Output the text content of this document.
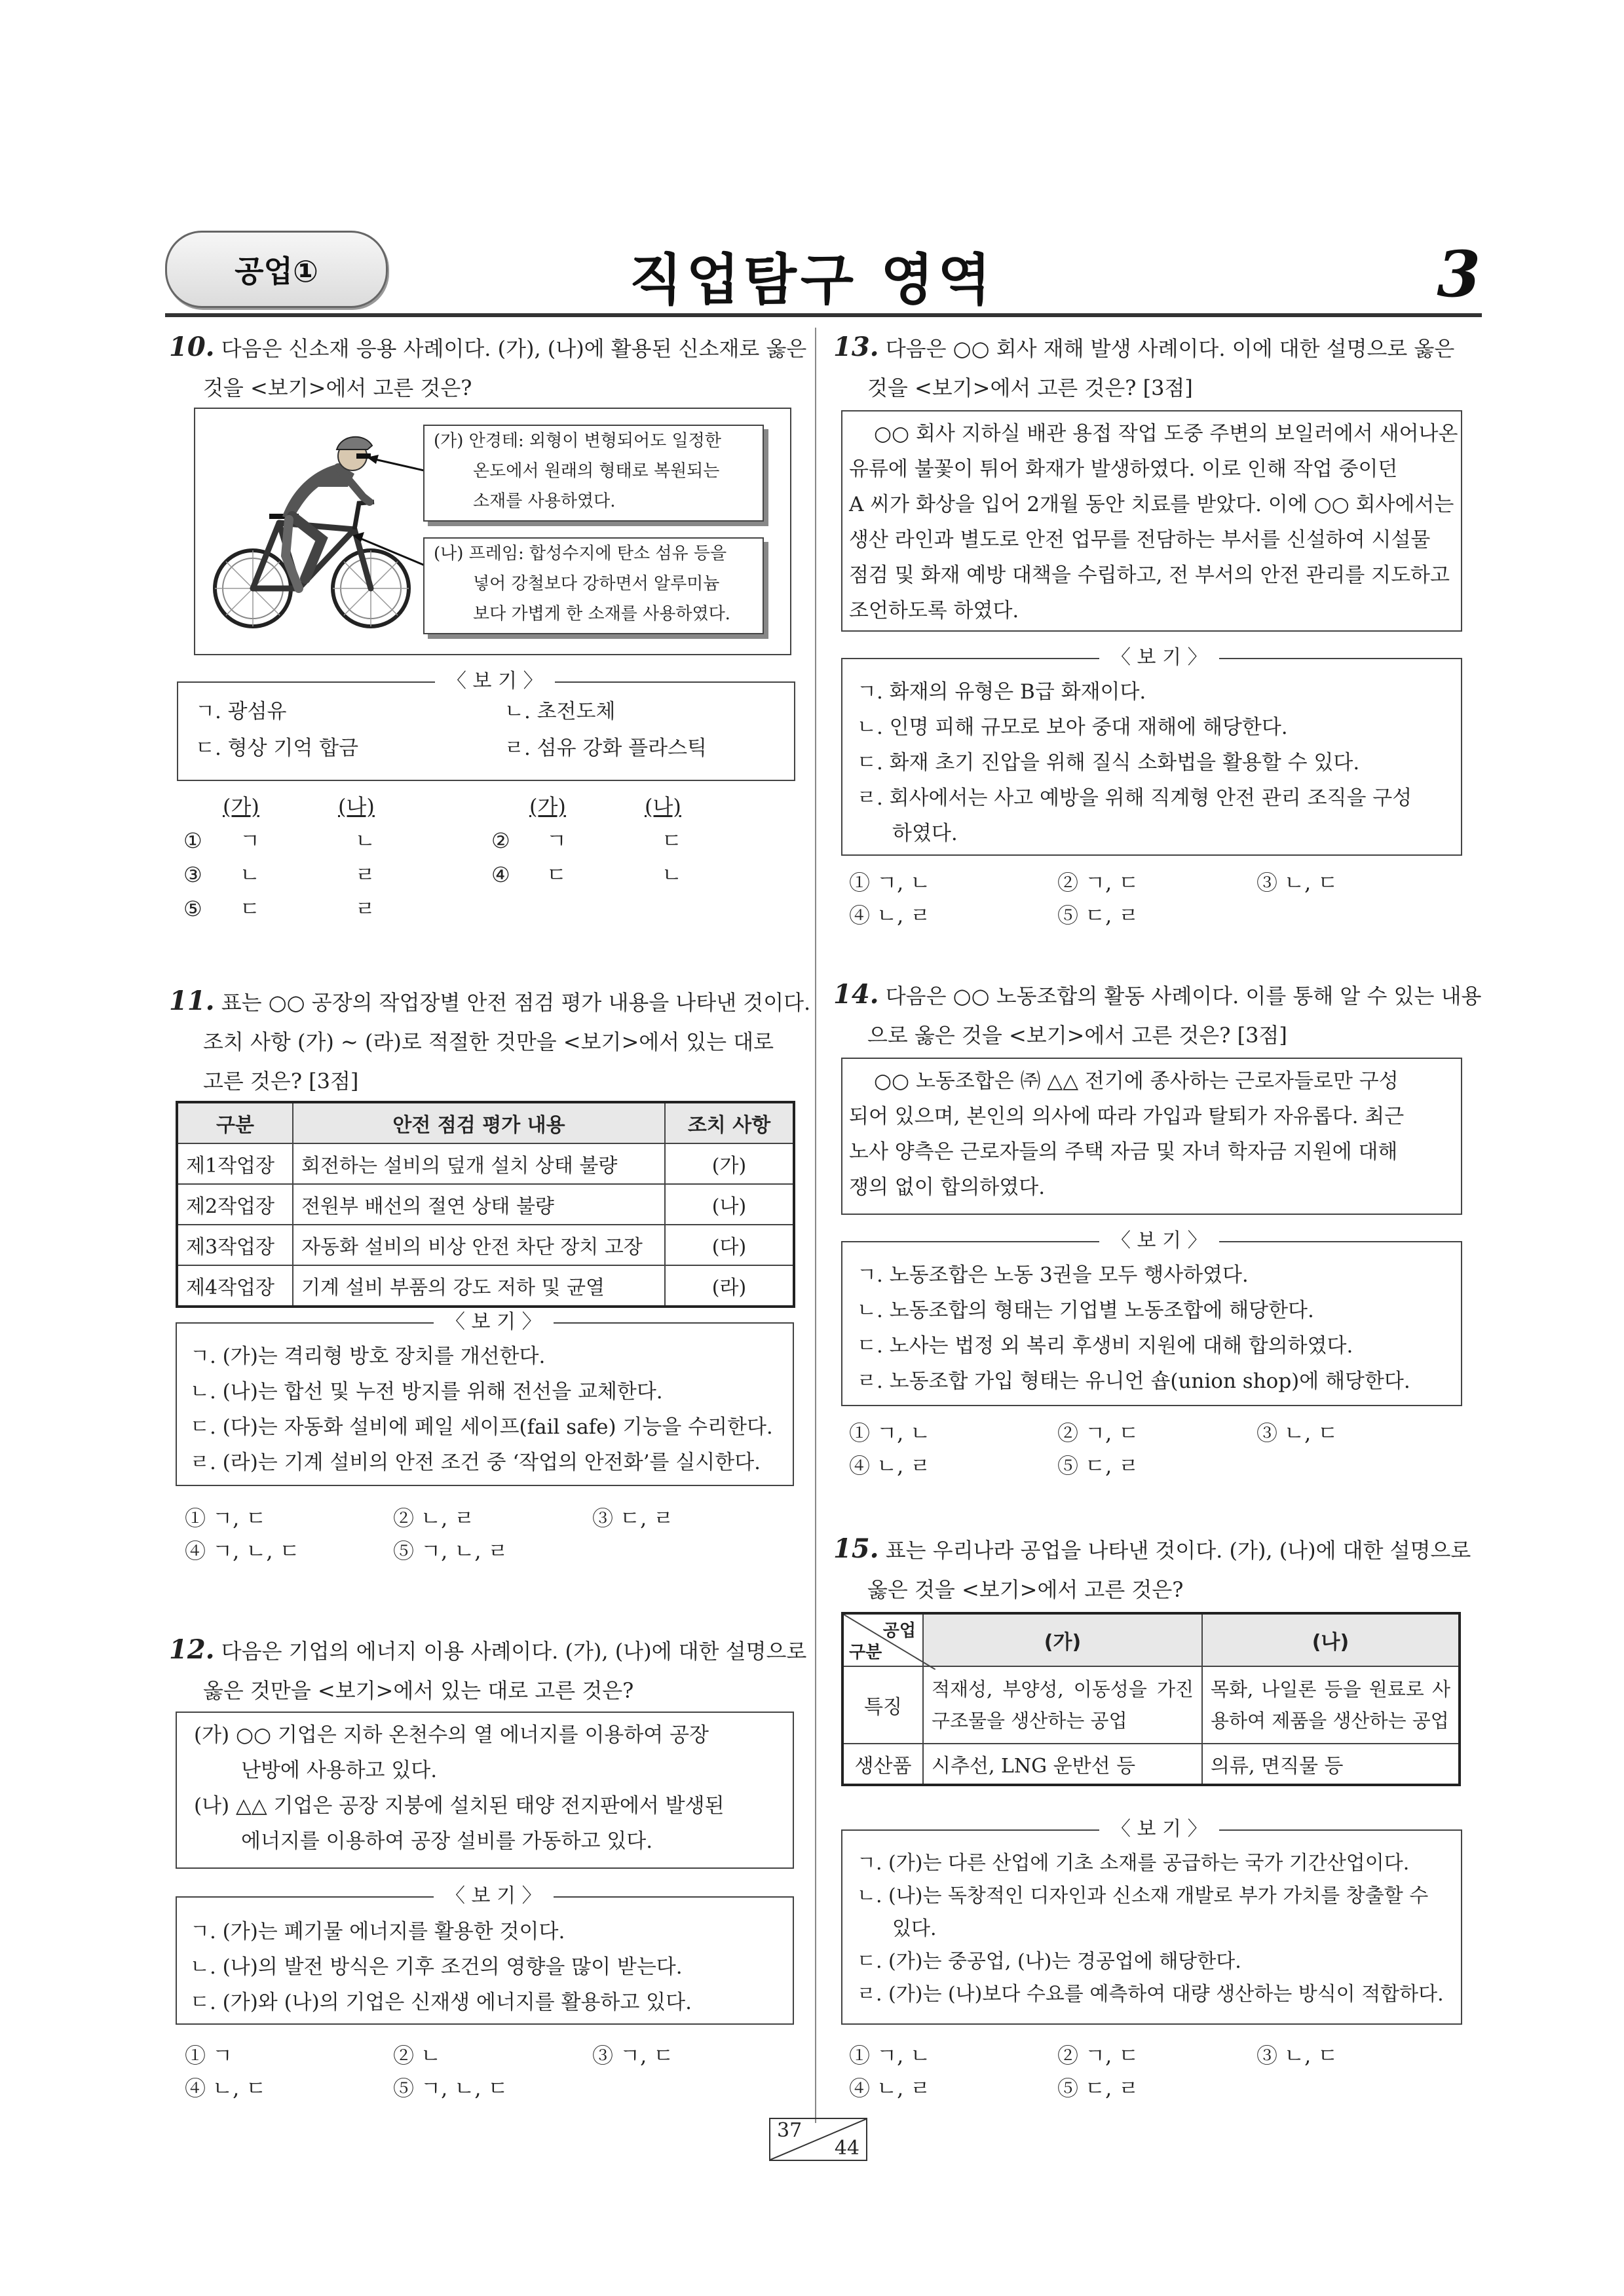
공업①	직업탐구 영역	3
10. 다음은 신소재 응용 사례이다. (가), (나)에 활용된 신소재로 옳은
것을 <보기>에서 고른 것은?
(가) 안경테: 외형이 변형되어도 일정한
온도에서 원래의 형태로 복원되는
소재를 사용하였다.
(나) 프레임: 합성수지에 탄소 섬유 등을
넣어 강철보다 강하면서 알루미늄
보다 가볍게 한 소재를 사용하였다.
〈 보 기 〉
ㄱ. 광섬유	ㄴ. 초전도체
ㄷ. 형상 기억 합금	ㄹ. 섬유 강화 플라스틱
(가)	(나)	(가)	(나)
① ㄱ	ㄴ	② ㄱ	ㄷ
③ ㄴ	ㄹ	④ ㄷ	ㄴ
⑤ ㄷ	ㄹ
11. 표는 ○○ 공장의 작업장별 안전 점검 평가 내용을 나타낸 것이다.
조치 사항 (가) ~ (라)로 적절한 것만을 <보기>에서 있는 대로
고른 것은? [3점]
구분	안전 점검 평가 내용	조치 사항
제1작업장	회전하는 설비의 덮개 설치 상태 불량	(가)
제2작업장	전원부 배선의 절연 상태 불량	(나)
제3작업장	자동화 설비의 비상 안전 차단 장치 고장	(다)
제4작업장	기계 설비 부품의 강도 저하 및 균열	(라)
〈 보 기 〉
ㄱ. (가)는 격리형 방호 장치를 개선한다.
ㄴ. (나)는 합선 및 누전 방지를 위해 전선을 교체한다.
ㄷ. (다)는 자동화 설비에 페일 세이프(fail safe) 기능을 수리한다.
ㄹ. (라)는 기계 설비의 안전 조건 중 ‘작업의 안전화’를 실시한다.
① ㄱ, ㄷ	② ㄴ, ㄹ	③ ㄷ, ㄹ
④ ㄱ, ㄴ, ㄷ	⑤ ㄱ, ㄴ, ㄹ
12. 다음은 기업의 에너지 이용 사례이다. (가), (나)에 대한 설명으로
옳은 것만을 <보기>에서 있는 대로 고른 것은?
(가) ○○ 기업은 지하 온천수의 열 에너지를 이용하여 공장
난방에 사용하고 있다.
(나) △△ 기업은 공장 지붕에 설치된 태양 전지판에서 발생된
에너지를 이용하여 공장 설비를 가동하고 있다.
〈 보 기 〉
ㄱ. (가)는 폐기물 에너지를 활용한 것이다.
ㄴ. (나)의 발전 방식은 기후 조건의 영향을 많이 받는다.
ㄷ. (가)와 (나)의 기업은 신재생 에너지를 활용하고 있다.
① ㄱ	② ㄴ	③ ㄱ, ㄷ
④ ㄴ, ㄷ	⑤ ㄱ, ㄴ, ㄷ
13. 다음은 ○○ 회사 재해 발생 사례이다. 이에 대한 설명으로 옳은
것을 <보기>에서 고른 것은? [3점]
○○ 회사 지하실 배관 용접 작업 도중 주변의 보일러에서 새어나온
유류에 불꽃이 튀어 화재가 발생하였다. 이로 인해 작업 중이던
A 씨가 화상을 입어 2개월 동안 치료를 받았다. 이에 ○○ 회사에서는
생산 라인과 별도로 안전 업무를 전담하는 부서를 신설하여 시설물
점검 및 화재 예방 대책을 수립하고, 전 부서의 안전 관리를 지도하고
조언하도록 하였다.
〈 보 기 〉
ㄱ. 화재의 유형은 B급 화재이다.
ㄴ. 인명 피해 규모로 보아 중대 재해에 해당한다.
ㄷ. 화재 초기 진압을 위해 질식 소화법을 활용할 수 있다.
ㄹ. 회사에서는 사고 예방을 위해 직계형 안전 관리 조직을 구성
하였다.
① ㄱ, ㄴ	② ㄱ, ㄷ	③ ㄴ, ㄷ
④ ㄴ, ㄹ	⑤ ㄷ, ㄹ
14. 다음은 ○○ 노동조합의 활동 사례이다. 이를 통해 알 수 있는 내용
으로 옳은 것을 <보기>에서 고른 것은? [3점]
○○ 노동조합은 ㈜ △△ 전기에 종사하는 근로자들로만 구성
되어 있으며, 본인의 의사에 따라 가입과 탈퇴가 자유롭다. 최근
노사 양측은 근로자들의 주택 자금 및 자녀 학자금 지원에 대해
쟁의 없이 합의하였다.
〈 보 기 〉
ㄱ. 노동조합은 노동 3권을 모두 행사하였다.
ㄴ. 노동조합의 형태는 기업별 노동조합에 해당한다.
ㄷ. 노사는 법정 외 복리 후생비 지원에 대해 합의하였다.
ㄹ. 노동조합 가입 형태는 유니언 숍(union shop)에 해당한다.
① ㄱ, ㄴ	② ㄱ, ㄷ	③ ㄴ, ㄷ
④ ㄴ, ㄹ	⑤ ㄷ, ㄹ
15. 표는 우리나라 공업을 나타낸 것이다. (가), (나)에 대한 설명으로
옳은 것을 <보기>에서 고른 것은?
공업
구분	(가)	(나)
특징	적재성, 부양성, 이동성을 가진 구조물을 생산하는 공업	목화, 나일론 등을 원료로 사용하여 제품을 생산하는 공업
생산품	시추선, LNG 운반선 등	의류, 면직물 등
〈 보 기 〉
ㄱ. (가)는 다른 산업에 기초 소재를 공급하는 국가 기간산업이다.
ㄴ. (나)는 독창적인 디자인과 신소재 개발로 부가 가치를 창출할 수
있다.
ㄷ. (가)는 중공업, (나)는 경공업에 해당한다.
ㄹ. (가)는 (나)보다 수요를 예측하여 대량 생산하는 방식이 적합하다.
① ㄱ, ㄴ	② ㄱ, ㄷ	③ ㄴ, ㄷ
④ ㄴ, ㄹ	⑤ ㄷ, ㄹ
37
44
